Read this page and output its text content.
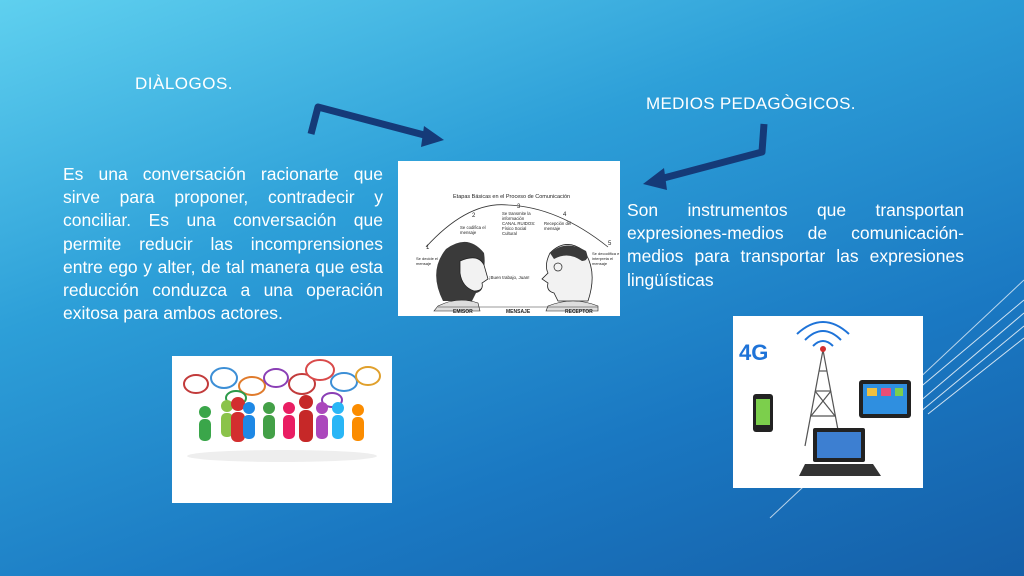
DIÀLOGOS.
MEDIOS PEDAGÒGICOS.
Es una conversación racionarte que sirve para proponer, contradecir y conciliar. Es una conversación que permite reducir las incomprensiones entre ego y alter, de tal manera que esta reducción conduzca a una operación exitosa para ambos actores.
Son instrumentos que transportan expresiones-medios de comunicación-medios para transportar las expresiones lingüísticas
Etapas Básicas en el Proceso de Comunicación
1
2
3
4
5
Se decide el mensaje
Se codifica el mensaje
Se transmite la información CANAL RUIDOS: Físico Social Cultural
Recepción del mensaje
Se decodifica e interpreta el mensaje
¡Buen trabajo, Juan!
EMISOR	MENSAJE	RECEPTOR
4G
